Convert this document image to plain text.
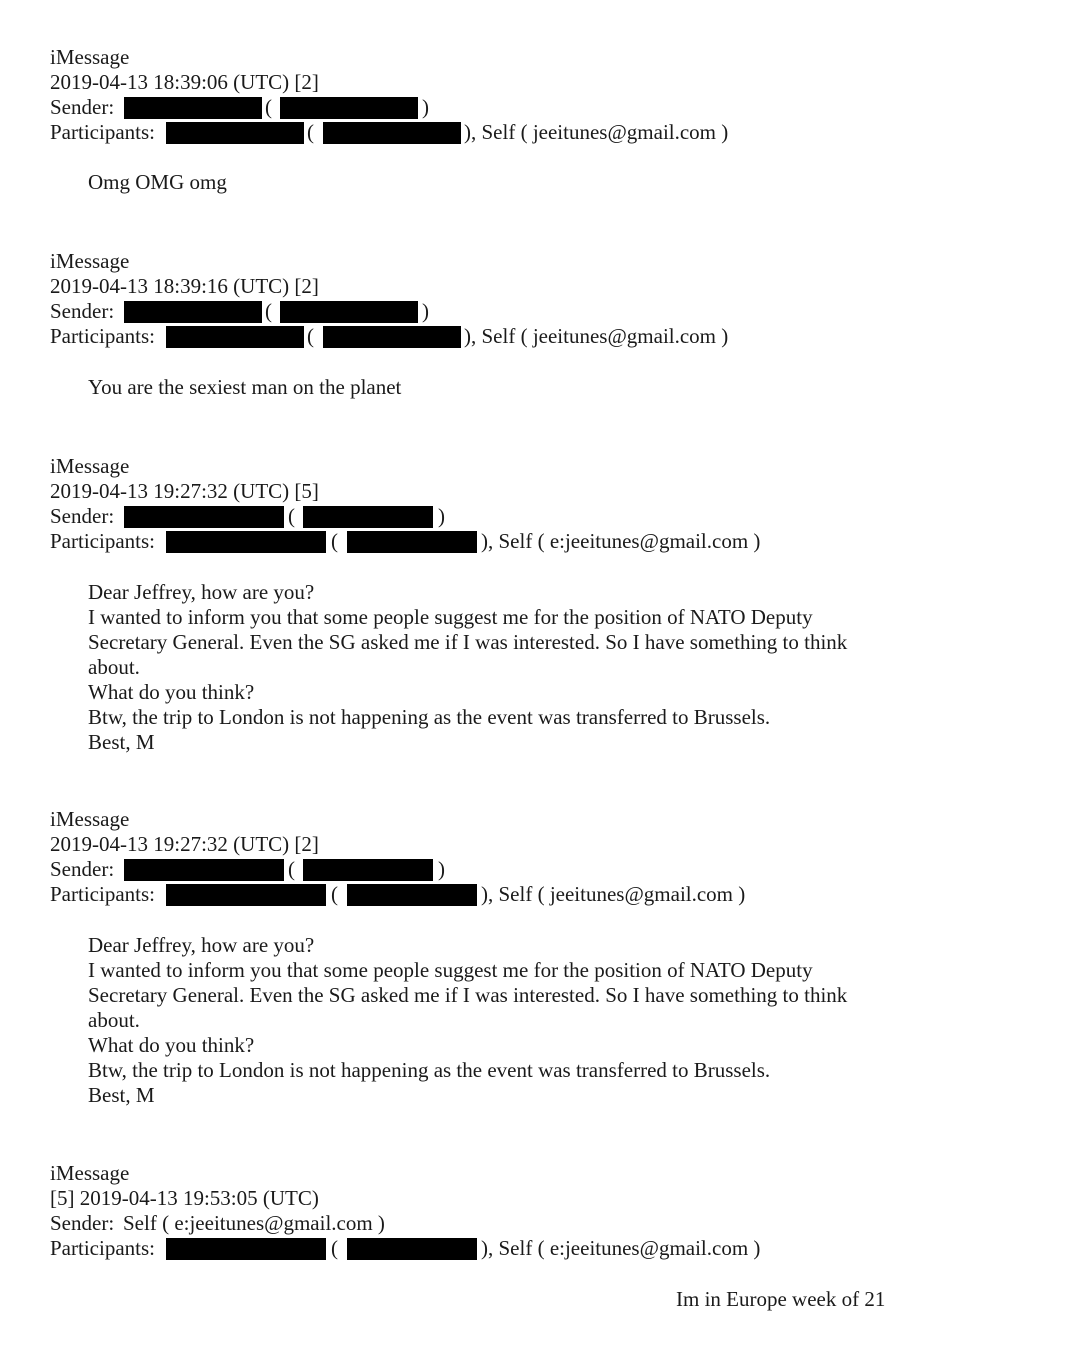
iMessage
2019-04-13 18:39:06 (UTC) [2]
Sender:	(	)
Participants:	(	), Self ( jeeitunes@gmail.com )
Omg OMG omg
iMessage
2019-04-13 18:39:16 (UTC) [2]
Sender:	(	)
Participants:	(	), Self ( jeeitunes@gmail.com )
You are the sexiest man on the planet
iMessage
2019-04-13 19:27:32 (UTC) [5]
Sender:	(	)
Participants:	(	), Self ( e:jeeitunes@gmail.com )
Dear Jeffrey, how are you?
I wanted to inform you that some people suggest me for the position of NATO Deputy
Secretary General. Even the SG asked me if I was interested. So I have something to think
about.
What do you think?
Btw, the trip to London is not happening as the event was transferred to Brussels.
Best, M
iMessage
2019-04-13 19:27:32 (UTC) [2]
Sender:	(	)
Participants:	(	), Self ( jeeitunes@gmail.com )
Dear Jeffrey, how are you?
I wanted to inform you that some people suggest me for the position of NATO Deputy
Secretary General. Even the SG asked me if I was interested. So I have something to think
about.
What do you think?
Btw, the trip to London is not happening as the event was transferred to Brussels.
Best, M
iMessage
[5] 2019-04-13 19:53:05 (UTC)
Sender: Self ( e:jeeitunes@gmail.com )
Participants:	(	), Self ( e:jeeitunes@gmail.com )
Im in Europe week of 21
